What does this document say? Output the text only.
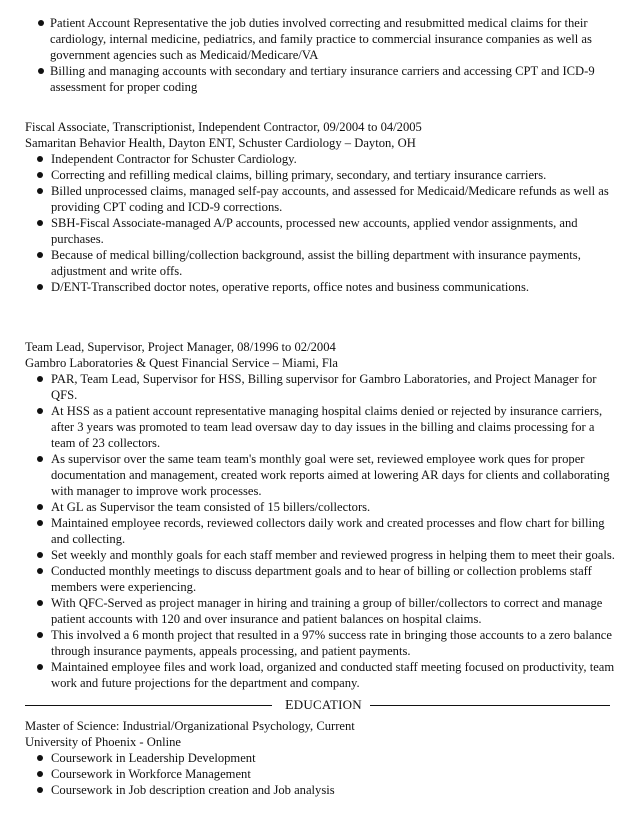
Patient Account Representative the job duties involved correcting and resubmitted medical claims for their cardiology, internal medicine, pediatrics, and family practice to commercial insurance companies as well as government agencies such as Medicaid/Medicare/VA
Billing and managing accounts with secondary and tertiary insurance carriers and accessing CPT and ICD-9 assessment for proper coding
Fiscal Associate, Transcriptionist, Independent Contractor, 09/2004 to 04/2005
Samaritan Behavior Health, Dayton ENT, Schuster Cardiology – Dayton, OH
Independent Contractor for Schuster Cardiology.
Correcting and refilling medical claims, billing primary, secondary, and tertiary insurance carriers.
Billed unprocessed claims, managed self-pay accounts, and assessed for Medicaid/Medicare refunds as well as providing CPT coding and ICD-9 corrections.
SBH-Fiscal Associate-managed A/P accounts, processed new accounts, applied vendor assignments, and purchases.
Because of medical billing/collection background, assist the billing department with insurance payments, adjustment and write offs.
D/ENT-Transcribed doctor notes, operative reports, office notes and business communications.
Team Lead, Supervisor, Project Manager, 08/1996 to 02/2004
Gambro Laboratories & Quest Financial Service – Miami, Fla
PAR, Team Lead, Supervisor for HSS, Billing supervisor for Gambro Laboratories, and Project Manager for QFS.
At HSS as a patient account representative managing hospital claims denied or rejected by insurance carriers, after 3 years was promoted to team lead oversaw day to day issues in the billing and claims processing for a team of 23 collectors.
As supervisor over the same team team's monthly goal were set, reviewed employee work ques for proper documentation and management, created work reports aimed at lowering AR days for clients and collaborating with manager to improve work processes.
At GL as Supervisor the team consisted of 15 billers/collectors.
Maintained employee records, reviewed collectors daily work and created processes and flow chart for billing and collecting.
Set weekly and monthly goals for each staff member and reviewed progress in helping them to meet their goals.
Conducted monthly meetings to discuss department goals and to hear of billing or collection problems staff members were experiencing.
With QFC-Served as project manager in hiring and training a group of biller/collectors to correct and manage patient accounts with 120 and over insurance and patient balances on hospital claims.
This involved a 6 month project that resulted in a 97% success rate in bringing those accounts to a zero balance through insurance payments, appeals processing, and patient payments.
Maintained employee files and work load, organized and conducted staff meeting focused on productivity, team work and future projections for the department and company.
EDUCATION
Master of Science: Industrial/Organizational Psychology, Current
University of Phoenix - Online
Coursework in Leadership Development
Coursework in Workforce Management
Coursework in Job description creation and Job analysis
